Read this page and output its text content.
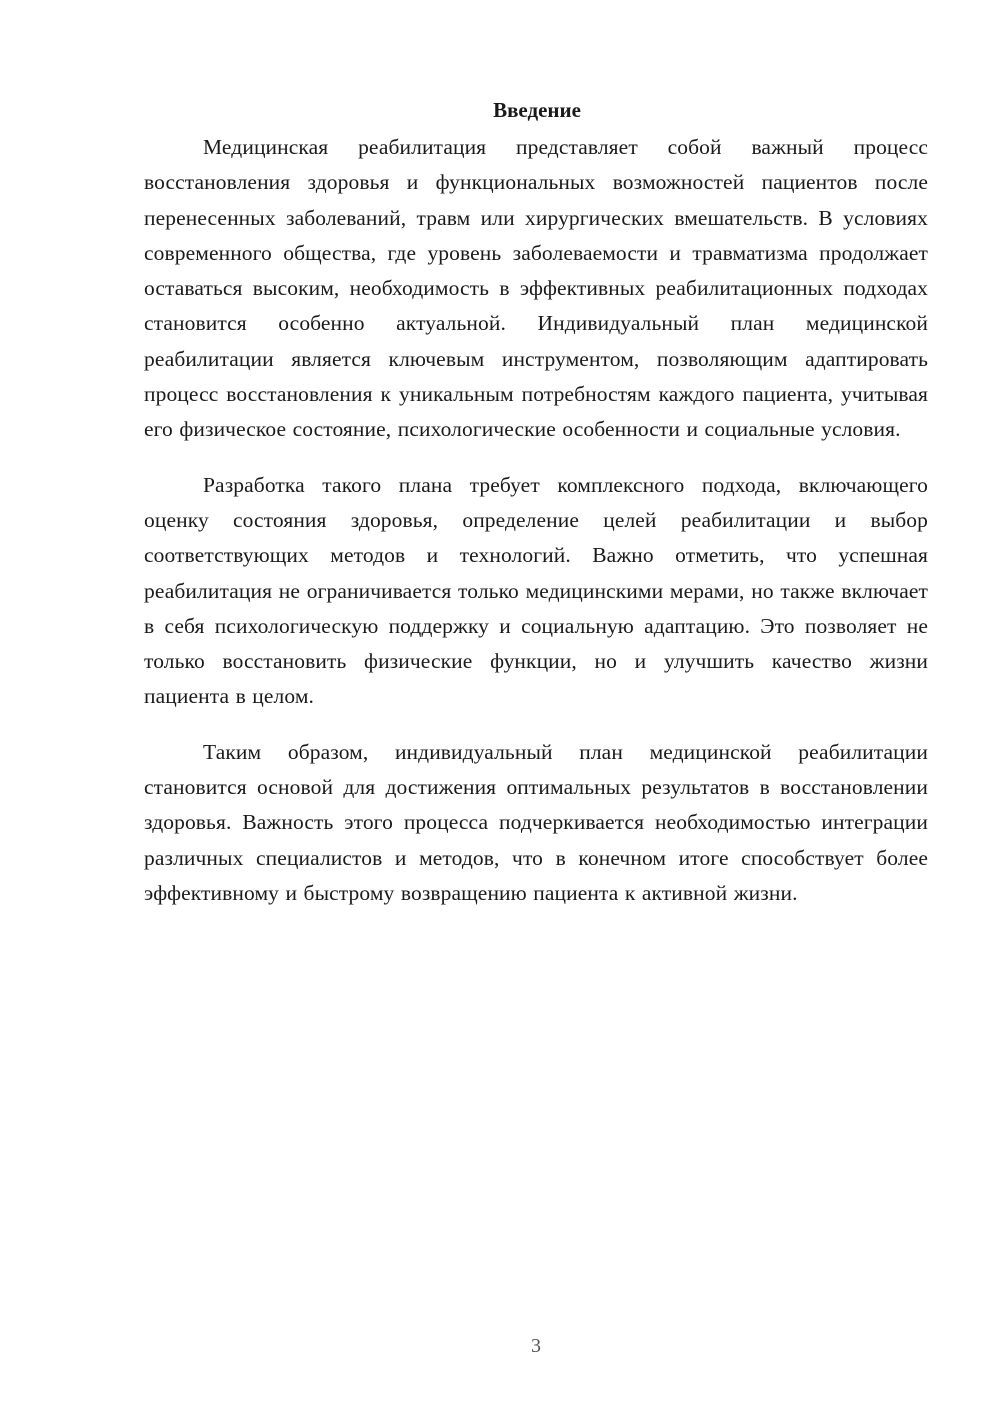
Введение

Медицинская реабилитация представляет собой важный процесс восстановления здоровья и функциональных возможностей пациентов после перенесенных заболеваний, травм или хирургических вмешательств. В условиях современного общества, где уровень заболеваемости и травматизма продолжает оставаться высоким, необходимость в эффективных реабилитационных подходах становится особенно актуальной. Индивидуальный план медицинской реабилитации является ключевым инструментом, позволяющим адаптировать процесс восстановления к уникальным потребностям каждого пациента, учитывая его физическое состояние, психологические особенности и социальные условия.

Разработка такого плана требует комплексного подхода, включающего оценку состояния здоровья, определение целей реабилитации и выбор соответствующих методов и технологий. Важно отметить, что успешная реабилитация не ограничивается только медицинскими мерами, но также включает в себя психологическую поддержку и социальную адаптацию. Это позволяет не только восстановить физические функции, но и улучшить качество жизни пациента в целом.

Таким образом, индивидуальный план медицинской реабилитации становится основой для достижения оптимальных результатов в восстановлении здоровья. Важность этого процесса подчеркивается необходимостью интеграции различных специалистов и методов, что в конечном итоге способствует более эффективному и быстрому возвращению пациента к активной жизни.

3
